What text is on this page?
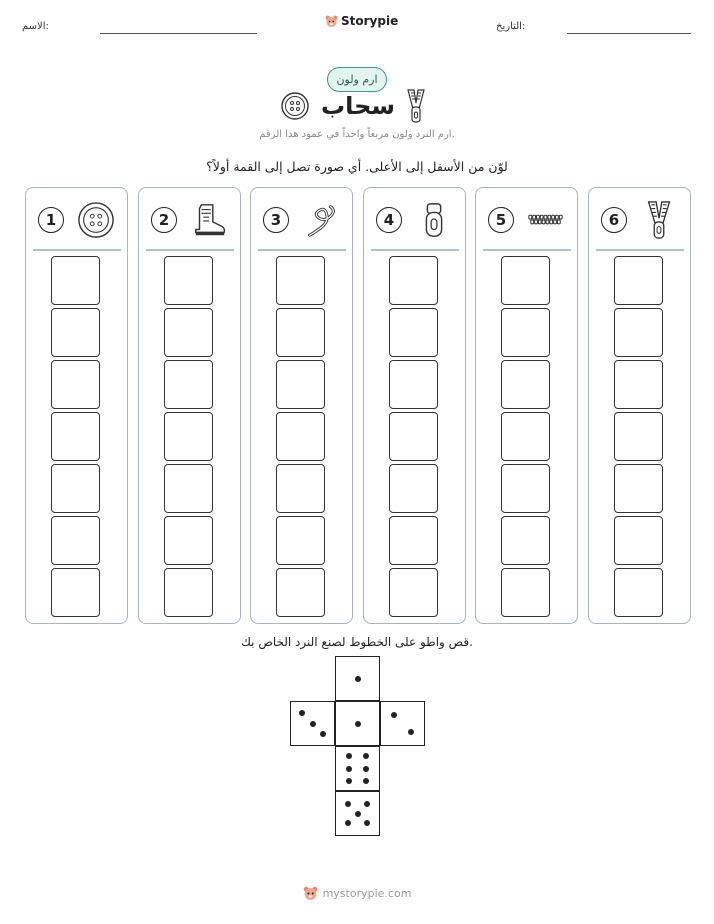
الاسم:	Storypie	التاريخ:
ارم ولون
سحاب
ارم النرد ولون مربعاً واحداً في عمود هذا الرقم.
لوّن من الأسفل إلى الأعلى. أي صورة تصل إلى القمة أولاً؟
1	2	3	4	5	6
قص واطو على الخطوط لصنع النرد الخاص بك.
mystorypie.com
